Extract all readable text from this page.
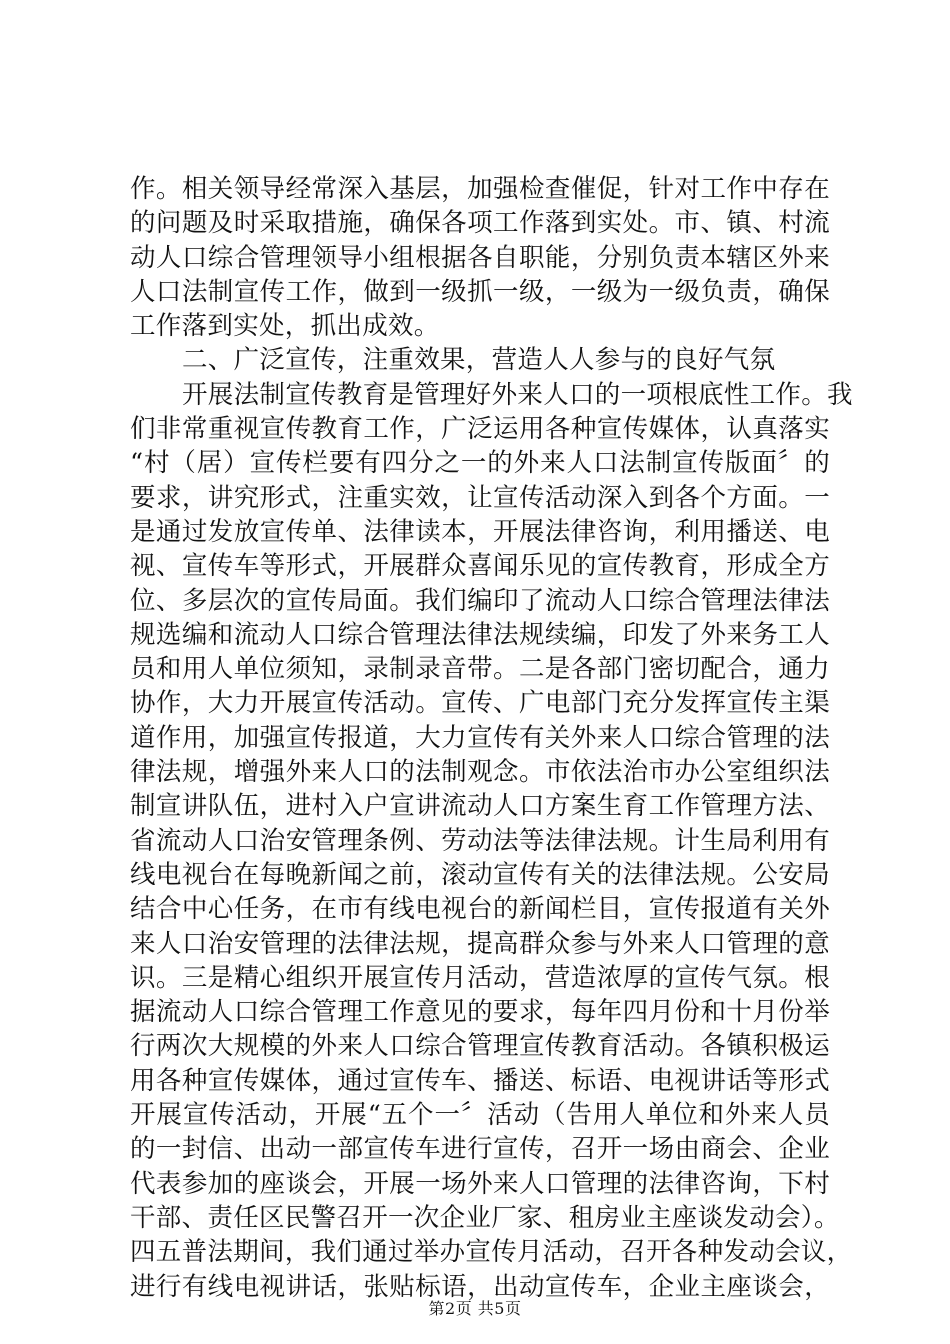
作。相关领导经常深入基层，加强检查催促，针对工作中存在
的问题及时采取措施，确保各项工作落到实处。市、镇、村流
动人口综合管理领导小组根据各自职能，分别负责本辖区外来
人口法制宣传工作，做到一级抓一级，一级为一级负责，确保
工作落到实处，抓出成效。
二、广泛宣传，注重效果，营造人人参与的良好气氛
开展法制宣传教育是管理好外来人口的一项根底性工作。我
们非常重视宣传教育工作，广泛运用各种宣传媒体，认真落实
“村（居）宣传栏要有四分之一的外来人口法制宣传版面〞的
要求，讲究形式，注重实效，让宣传活动深入到各个方面。一
是通过发放宣传单、法律读本，开展法律咨询，利用播送、电
视、宣传车等形式，开展群众喜闻乐见的宣传教育，形成全方
位、多层次的宣传局面。我们编印了流动人口综合管理法律法
规选编和流动人口综合管理法律法规续编，印发了外来务工人
员和用人单位须知，录制录音带。二是各部门密切配合，通力
协作，大力开展宣传活动。宣传、广电部门充分发挥宣传主渠
道作用，加强宣传报道，大力宣传有关外来人口综合管理的法
律法规，增强外来人口的法制观念。市依法治市办公室组织法
制宣讲队伍，进村入户宣讲流动人口方案生育工作管理方法、
省流动人口治安管理条例、劳动法等法律法规。计生局利用有
线电视台在每晚新闻之前，滚动宣传有关的法律法规。公安局
结合中心任务，在市有线电视台的新闻栏目，宣传报道有关外
来人口治安管理的法律法规，提高群众参与外来人口管理的意
识。三是精心组织开展宣传月活动，营造浓厚的宣传气氛。根
据流动人口综合管理工作意见的要求，每年四月份和十月份举
行两次大规模的外来人口综合管理宣传教育活动。各镇积极运
用各种宣传媒体，通过宣传车、播送、标语、电视讲话等形式
开展宣传活动，开展“五个一〞活动（告用人单位和外来人员
的一封信、出动一部宣传车进行宣传，召开一场由商会、企业
代表参加的座谈会，开展一场外来人口管理的法律咨询，下村
干部、责任区民警召开一次企业厂家、租房业主座谈发动会）。
四五普法期间，我们通过举办宣传月活动，召开各种发动会议，
进行有线电视讲话，张贴标语，出动宣传车，企业主座谈会，
第2页 共5页
